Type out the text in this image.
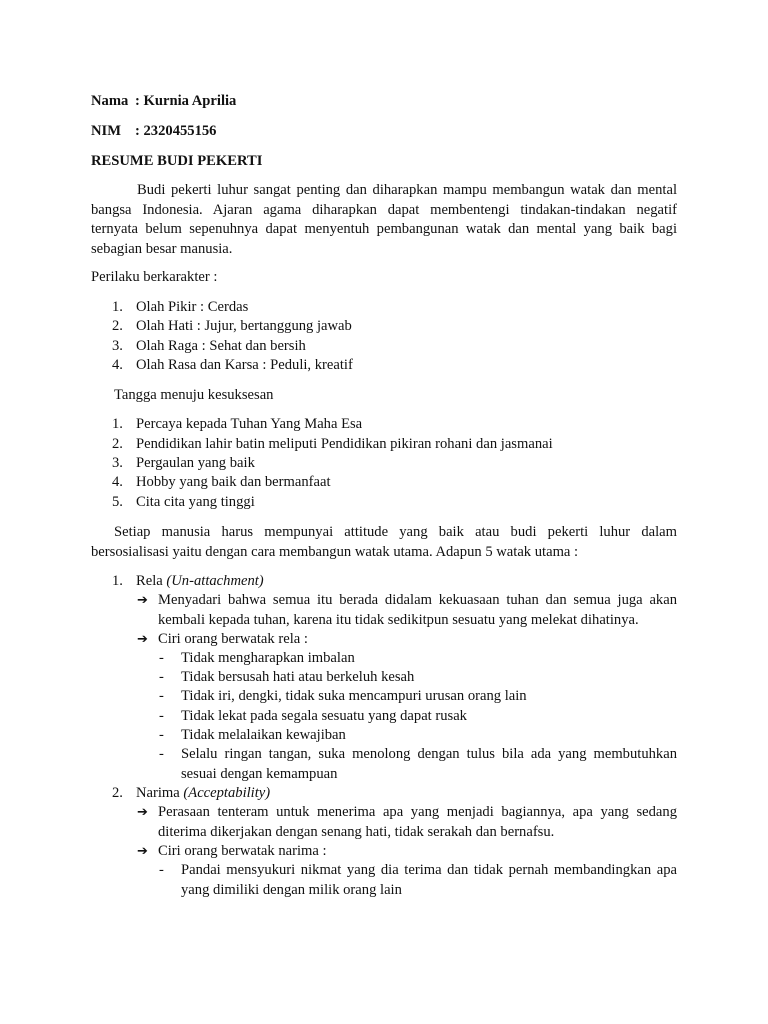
Nama : Kurnia Aprilia
NIM : 2320455156
RESUME BUDI PEKERTI
Budi pekerti luhur sangat penting dan diharapkan mampu membangun watak dan mental
bangsa Indonesia. Ajaran agama diharapkan dapat membentengi tindakan-tindakan negatif
ternyata belum sepenuhnya dapat menyentuh pembangunan watak dan mental yang baik bagi
sebagian besar manusia.
Perilaku berkarakter :
1. Olah Pikir : Cerdas
2. Olah Hati : Jujur, bertanggung jawab
3. Olah Raga : Sehat dan bersih
4. Olah Rasa dan Karsa : Peduli, kreatif
Tangga menuju kesuksesan
1. Percaya kepada Tuhan Yang Maha Esa
2. Pendidikan lahir batin meliputi Pendidikan pikiran rohani dan jasmanai
3. Pergaulan yang baik
4. Hobby yang baik dan bermanfaat
5. Cita cita yang tinggi
Setiap manusia harus mempunyai attitude yang baik atau budi pekerti luhur dalam
bersosialisasi yaitu dengan cara membangun watak utama. Adapun 5 watak utama :
1. Rela (Un-attachment)
➔ Menyadari bahwa semua itu berada didalam kekuasaan tuhan dan semua juga akan
kembali kepada tuhan, karena itu tidak sedikitpun sesuatu yang melekat dihatinya.
➔ Ciri orang berwatak rela :
- Tidak mengharapkan imbalan
- Tidak bersusah hati atau berkeluh kesah
- Tidak iri, dengki, tidak suka mencampuri urusan orang lain
- Tidak lekat pada segala sesuatu yang dapat rusak
- Tidak melalaikan kewajiban
- Selalu ringan tangan, suka menolong dengan tulus bila ada yang membutuhkan
sesuai dengan kemampuan
2. Narima (Acceptability)
➔ Perasaan tenteram untuk menerima apa yang menjadi bagiannya, apa yang sedang
diterima dikerjakan dengan senang hati, tidak serakah dan bernafsu.
➔ Ciri orang berwatak narima :
- Pandai mensyukuri nikmat yang dia terima dan tidak pernah membandingkan apa
yang dimiliki dengan milik orang lain
